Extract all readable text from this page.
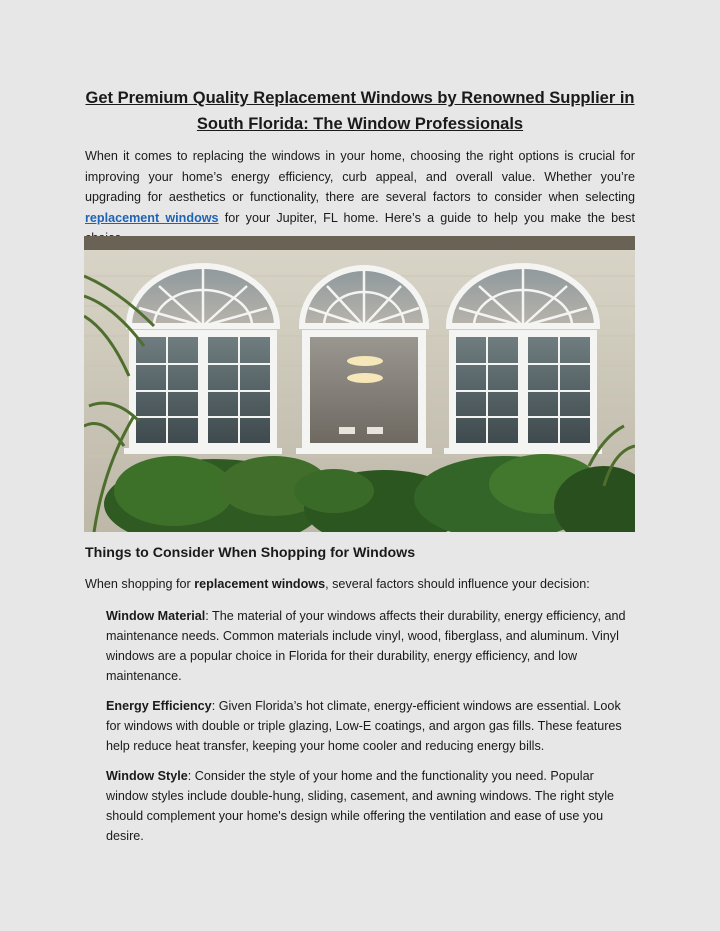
Get Premium Quality Replacement Windows by Renowned Supplier in
South Florida: The Window Professionals

When it comes to replacing the windows in your home, choosing the right options is crucial for improving your home’s energy efficiency, curb appeal, and overall value. Whether you’re upgrading for aesthetics or functionality, there are several factors to consider when selecting replacement windows for your Jupiter, FL home. Here’s a guide to help you make the best

Things to Consider When Shopping for Windows

When shopping for replacement windows, several factors should influence your decision:

Window Material: The material of your windows affects their durability, energy efficiency, and maintenance needs. Common materials include vinyl, wood, fiberglass, and aluminum. Vinyl windows are a popular choice in Florida for their durability, energy efficiency, and low maintenance.

Energy Efficiency: Given Florida’s hot climate, energy-efficient windows are essential. Look for windows with double or triple glazing, Low-E coatings, and argon gas fills. These features help reduce heat transfer, keeping your home cooler and reducing energy bills.

Window Style: Consider the style of your home and the functionality you need. Popular window styles include double-hung, sliding, casement, and awning windows. The right style should complement your home's design while offering the ventilation and ease of use you desire.
